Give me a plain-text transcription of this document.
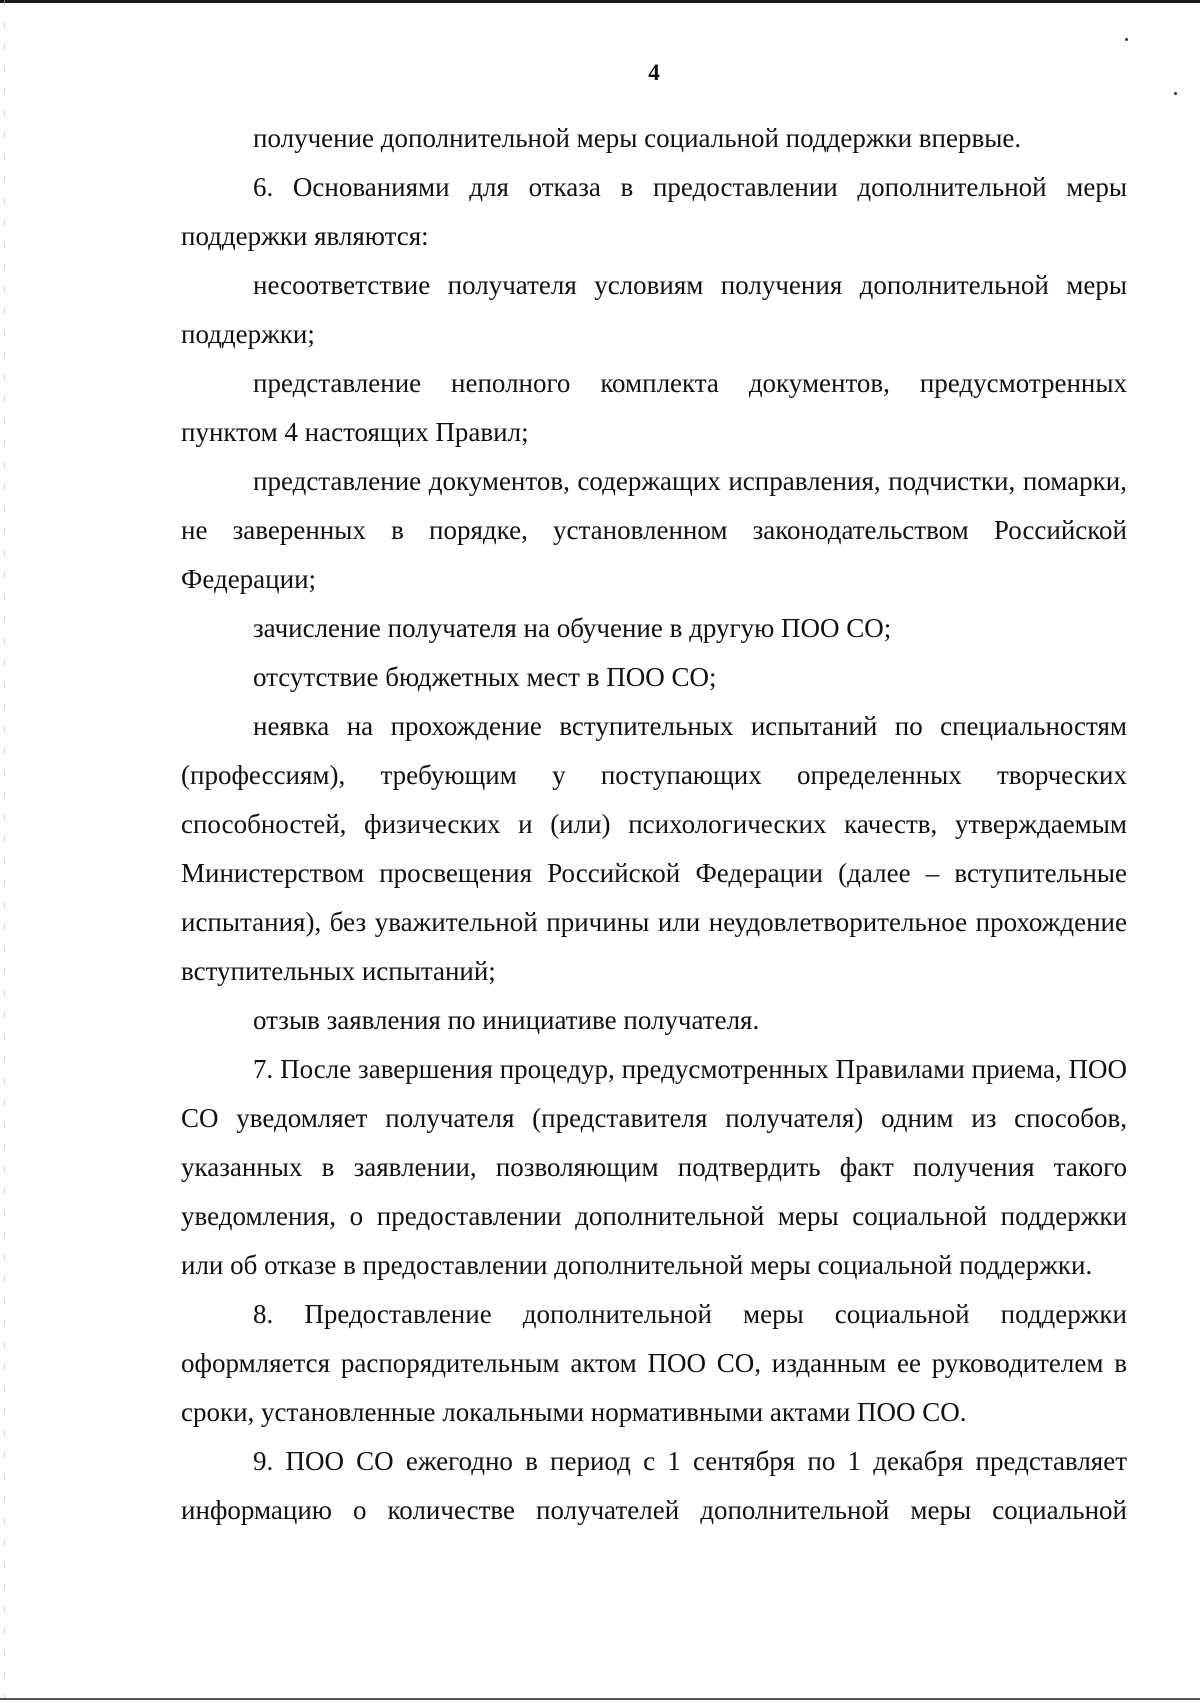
4

получение дополнительной меры социальной поддержки впервые.

6. Основаниями для отказа в предоставлении дополнительной меры поддержки являются:

несоответствие получателя условиям получения дополнительной меры поддержки;

представление неполного комплекта документов, предусмотренных пунктом 4 настоящих Правил;

представление документов, содержащих исправления, подчистки, помарки, не заверенных в порядке, установленном законодательством Российской Федерации;

зачисление получателя на обучение в другую ПОО СО;

отсутствие бюджетных мест в ПОО СО;

неявка на прохождение вступительных испытаний по специальностям (профессиям), требующим у поступающих определенных творческих способностей, физических и (или) психологических качеств, утверждаемым Министерством просвещения Российской Федерации (далее – вступительные испытания), без уважительной причины или неудовлетворительное прохождение вступительных испытаний;

отзыв заявления по инициативе получателя.

7. После завершения процедур, предусмотренных Правилами приема, ПОО СО уведомляет получателя (представителя получателя) одним из способов, указанных в заявлении, позволяющим подтвердить факт получения такого уведомления, о предоставлении дополнительной меры социальной поддержки или об отказе в предоставлении дополнительной меры социальной поддержки.

8. Предоставление дополнительной меры социальной поддержки оформляется распорядительным актом ПОО СО, изданным ее руководителем в сроки, установленные локальными нормативными актами ПОО СО.

9. ПОО СО ежегодно в период с 1 сентября по 1 декабря представляет информацию о количестве получателей дополнительной меры социальной
